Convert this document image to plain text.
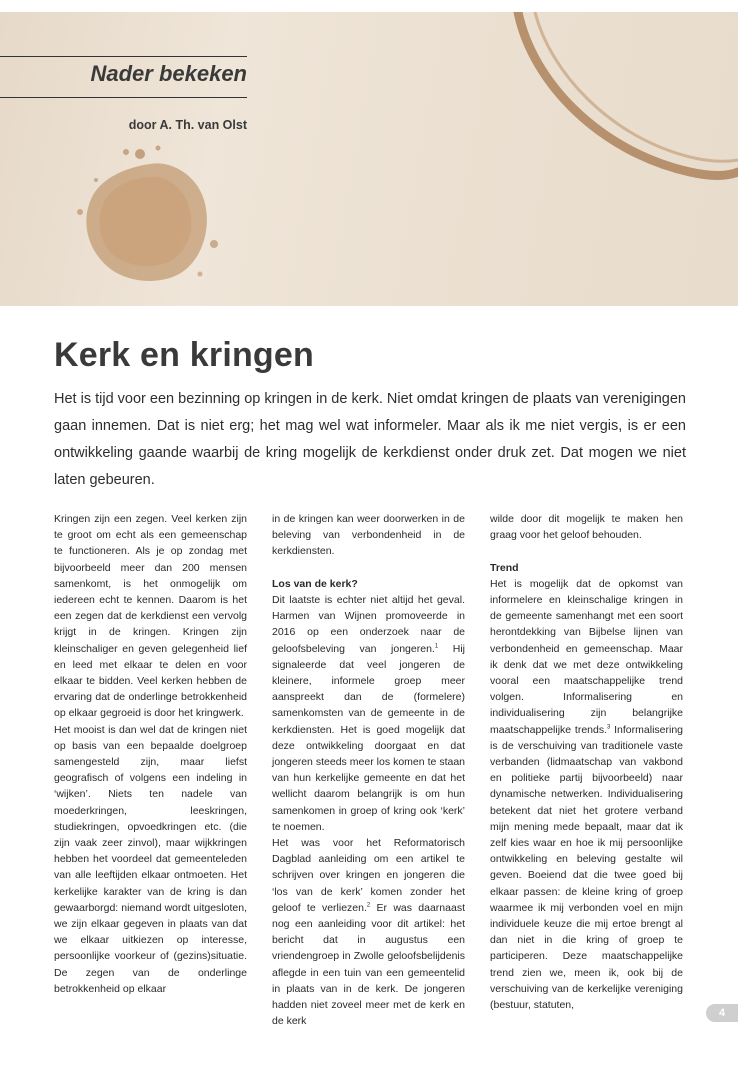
Nader bekeken

door A. Th. van Olst

Kerk en kringen

Het is tijd voor een bezinning op kringen in de kerk. Niet omdat kringen de plaats van verenigingen gaan innemen. Dat is niet erg; het mag wel wat informeler. Maar als ik me niet vergis, is er een ontwikkeling gaande waarbij de kring mogelijk de kerkdienst onder druk zet. Dat mogen we niet laten gebeuren.

Kringen zijn een zegen. Veel kerken zijn te groot om echt als een gemeenschap te functioneren. Als je op zondag met bijvoorbeeld meer dan 200 mensen samenkomt, is het onmogelijk om iedereen echt te kennen. Daarom is het een zegen dat de kerkdienst een vervolg krijgt in de kringen. Kringen zijn kleinschaliger en geven gelegenheid lief en leed met elkaar te delen en voor elkaar te bidden. Veel kerken hebben de ervaring dat de onderlinge betrokkenheid op elkaar gegroeid is door het kringwerk.

Het mooist is dan wel dat de kringen niet op basis van een bepaalde doelgroep samengesteld zijn, maar liefst geografisch of volgens een indeling in ‘wijken’. Niets ten nadele van moederkringen, leeskringen, studiekringen, opvoedkringen etc. (die zijn vaak zeer zinvol), maar wijkkringen hebben het voordeel dat gemeenteleden van alle leeftijden elkaar ontmoeten. Het kerkelijke karakter van de kring is dan gewaarborgd: niemand wordt uitgesloten, we zijn elkaar gegeven in plaats van dat we elkaar uitkiezen op interesse, persoonlijke voorkeur of (gezins)situatie. De zegen van de onderlinge betrokkenheid op elkaar

in de kringen kan weer doorwerken in de beleving van verbondenheid in de kerkdiensten.

Los van de kerk?

Dit laatste is echter niet altijd het geval. Harmen van Wijnen promoveerde in 2016 op een onderzoek naar de geloofsbeleving van jongeren.$^1$ Hij signaleerde dat veel jongeren de kleinere, informele groep meer aanspreekt dan de (formelere) samenkomsten van de gemeente in de kerkdiensten. Het is goed mogelijk dat deze ontwikkeling doorgaat en dat jongeren steeds meer los komen te staan van hun kerkelijke gemeente en dat het wellicht daarom belangrijk is om hun samenkomen in groep of kring ook ‘kerk’ te noemen.

Het was voor het Reformatorisch Dagblad aanleiding om een artikel te schrijven over kringen en jongeren die ‘los van de kerk’ komen zonder het geloof te verliezen.$^2$ Er was daarnaast nog een aanleiding voor dit artikel: het bericht dat in augustus een vriendengroep in Zwolle geloofsbelijdenis aflegde in een tuin van een gemeentelid in plaats van in de kerk. De jongeren hadden niet zoveel meer met de kerk en de kerk

wilde door dit mogelijk te maken hen graag voor het geloof behouden.

Trend

Het is mogelijk dat de opkomst van informelere en kleinschalige kringen in de gemeente samenhangt met een soort herontdekking van Bijbelse lijnen van verbondenheid en gemeenschap. Maar ik denk dat we met deze ontwikkeling vooral een maatschappelijke trend volgen. Informalisering en individualisering zijn belangrijke maatschappelijke trends.$^3$ Informalisering is de verschuiving van traditionele vaste verbanden (lidmaatschap van vakbond en politieke partij bijvoorbeeld) naar dynamische netwerken. Individualisering betekent dat niet het grotere verband mijn mening mede bepaalt, maar dat ik zelf kies waar en hoe ik mij persoonlijke ontwikkeling en beleving gestalte wil geven. Boeiend dat die twee goed bij elkaar passen: de kleine kring of groep waarmee ik mij verbonden voel en mijn individuele keuze die mij ertoe brengt al dan niet in die kring of groep te participeren. Deze maatschappelijke trend zien we, meen ik, ook bij de verschuiving van de kerkelijke vereniging (bestuur, statuten,

4
